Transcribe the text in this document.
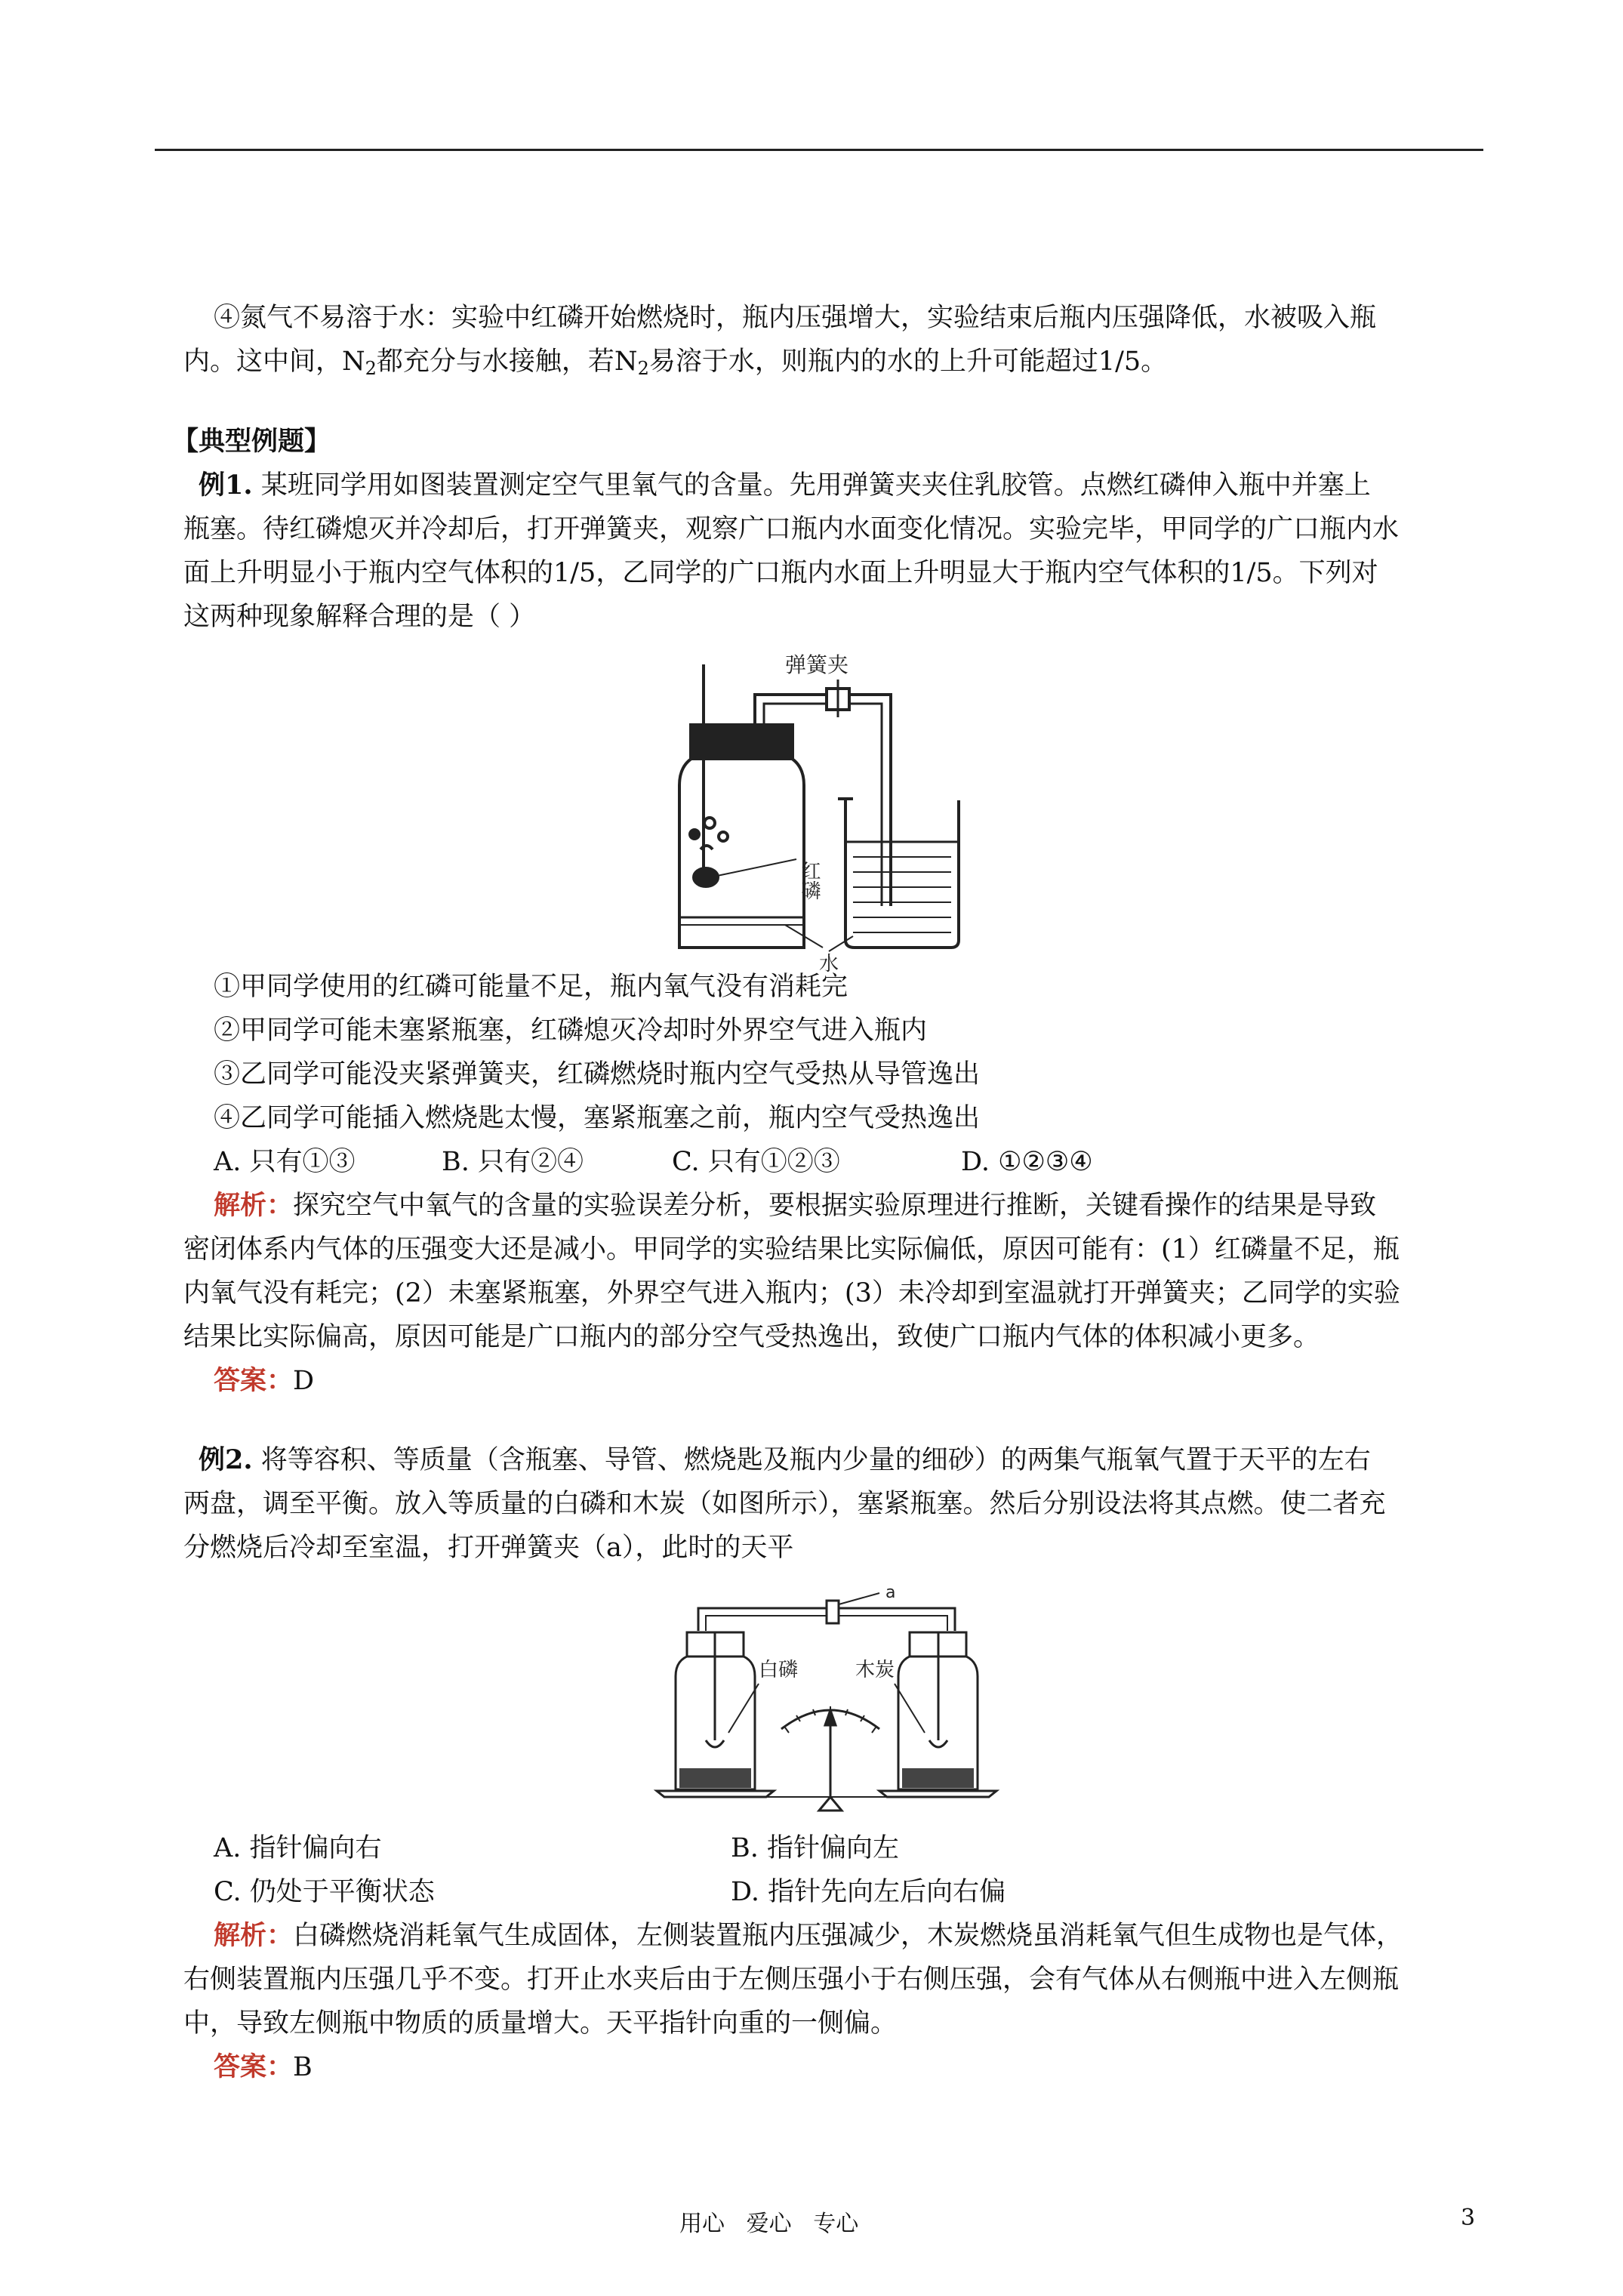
④氮气不易溶于水：实验中红磷开始燃烧时，瓶内压强增大，实验结束后瓶内压强降低，水被吸入瓶
内。这中间，$N_2$都充分与水接触，若$N_2$易溶于水，则瓶内的水的上升可能超过1/5。
【典型例题】
例1. 某班同学用如图装置测定空气里氧气的含量。先用弹簧夹夹住乳胶管。点燃红磷伸入瓶中并塞上
瓶塞。待红磷熄灭并冷却后，打开弹簧夹，观察广口瓶内水面变化情况。实验完毕，甲同学的广口瓶内水
面上升明显小于瓶内空气体积的1/5，乙同学的广口瓶内水面上升明显大于瓶内空气体积的1/5。下列对
这两种现象解释合理的是（ ）
弹簧夹
红磷
水
①甲同学使用的红磷可能量不足，瓶内氧气没有消耗完
②甲同学可能未塞紧瓶塞，红磷熄灭冷却时外界空气进入瓶内
③乙同学可能没夹紧弹簧夹，红磷燃烧时瓶内空气受热从导管逸出
④乙同学可能插入燃烧匙太慢，塞紧瓶塞之前，瓶内空气受热逸出
A. 只有①③	B. 只有②④	C. 只有①②③	D. ①②③④
解析：探究空气中氧气的含量的实验误差分析，要根据实验原理进行推断，关键看操作的结果是导致
密闭体系内气体的压强变大还是减小。甲同学的实验结果比实际偏低，原因可能有：(1）红磷量不足，瓶
内氧气没有耗完；(2）未塞紧瓶塞，外界空气进入瓶内；(3）未冷却到室温就打开弹簧夹；乙同学的实验
结果比实际偏高，原因可能是广口瓶内的部分空气受热逸出，致使广口瓶内气体的体积减小更多。
答案：D
例2. 将等容积、等质量（含瓶塞、导管、燃烧匙及瓶内少量的细砂）的两集气瓶氧气置于天平的左右
两盘，调至平衡。放入等质量的白磷和木炭（如图所示），塞紧瓶塞。然后分别设法将其点燃。使二者充
分燃烧后冷却至室温，打开弹簧夹（a），此时的天平
a
白磷	木炭
A. 指针偏向右	B. 指针偏向左
C. 仍处于平衡状态	D. 指针先向左后向右偏
解析：白磷燃烧消耗氧气生成固体，左侧装置瓶内压强减少，木炭燃烧虽消耗氧气但生成物也是气体，
右侧装置瓶内压强几乎不变。打开止水夹后由于左侧压强小于右侧压强，会有气体从右侧瓶中进入左侧瓶
中，导致左侧瓶中物质的质量增大。天平指针向重的一侧偏。
答案：B
用心   爱心   专心	3
